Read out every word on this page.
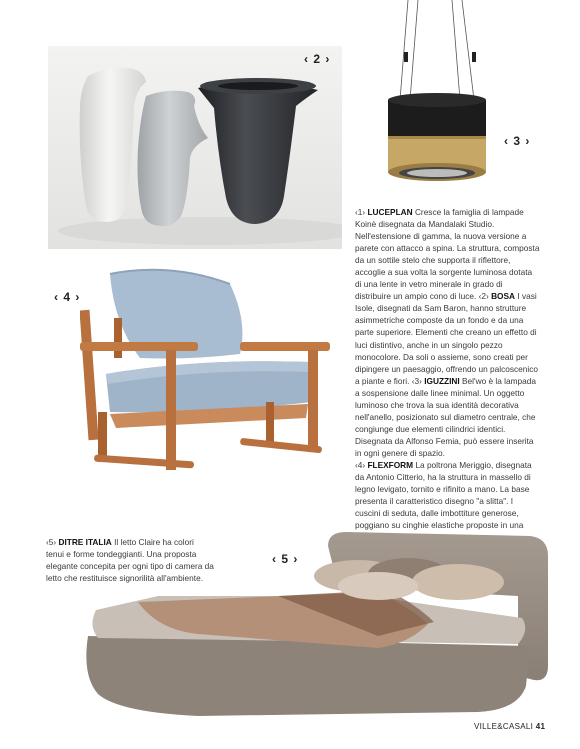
‹ 2 ›
‹ 3 ›
‹ 4 ›
‹1› LUCEPLAN Cresce la famiglia di lampade Koinè disegnata da Mandalaki Studio. Nell'estensione di gamma, la nuova versione a parete con attacco a spina. La struttura, composta da un sottile stelo che supporta il riflettore, accoglie a sua volta la sorgente luminosa dotata di una lente in vetro minerale in grado di distribuire un ampio cono di luce. ‹2› BOSA I vasi Isole, disegnati da Sam Baron, hanno strutture asimmetriche composte da un fondo e da una parte superiore. Elementi che creano un effetto di luci distintivo, anche in un singolo pezzo monocolore. Da soli o assieme, sono creati per dipingere un paesaggio, offrendo un palcoscenico a piante e fiori. ‹3› IGUZZINI Bel'wo è la lampada a sospensione dalle linee minimal. Un oggetto luminoso che trova la sua identità decorativa nell'anello, posizionato sul diametro centrale, che congiunge due elementi cilindrici identici. Disegnata da Alfonso Femia, può essere inserita in ogni genere di spazio.
‹4› FLEXFORM La poltrona Meriggio, disegnata da Antonio Citterio, ha la struttura in massello di legno levigato, tornito e rifinito a mano. La base presenta il caratteristico disegno "a slitta". I cuscini di seduta, dalle imbottiture generose, poggiano su cinghie elastiche proposte in una
‹5› DITRE ITALIA Il letto Claire ha colori tenui e forme tondeggianti. Una proposta elegante concepita per ogni tipo di camera da letto che restituisce signorilità all'ambiente.
‹ 5 ›
VILLE&CASALI 41
